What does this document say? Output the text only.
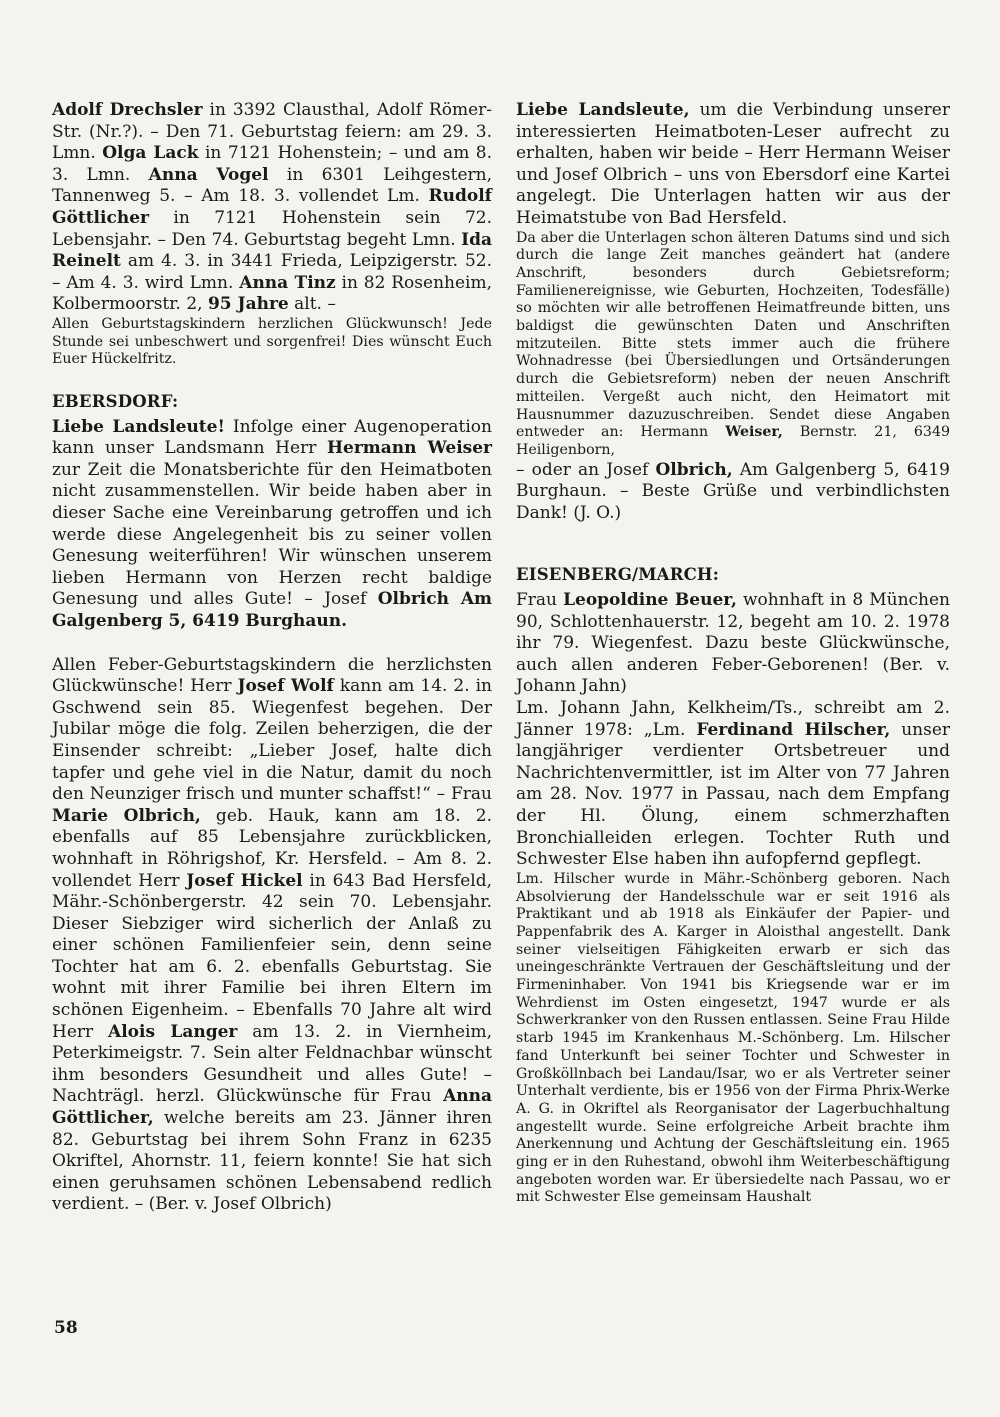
Adolf Drechsler in 3392 Clausthal, Adolf Römer-Str. (Nr.?). – Den 71. Geburtstag feiern: am 29. 3. Lmn. Olga Lack in 7121 Hohenstein; – und am 8. 3. Lmn. Anna Vogel in 6301 Leihgestern, Tannenweg 5. – Am 18. 3. vollendet Lm. Rudolf Göttlicher in 7121 Hohenstein sein 72. Lebensjahr. – Den 74. Geburtstag begeht Lmn. Ida Reinelt am 4. 3. in 3441 Frieda, Leipzigerstr. 52. – Am 4. 3. wird Lmn. Anna Tinz in 82 Rosenheim, Kolbermoorstr. 2, 95 Jahre alt. –

Allen Geburtstagskindern herzlichen Glückwunsch! Jede Stunde sei unbeschwert und sorgenfrei! Dies wünscht Euch Euer Hückelfritz.

EBERSDORF:

Liebe Landsleute! Infolge einer Augenoperation kann unser Landsmann Herr Hermann Weiser zur Zeit die Monatsberichte für den Heimatboten nicht zusammenstellen. Wir beide haben aber in dieser Sache eine Vereinbarung getroffen und ich werde diese Angelegenheit bis zu seiner vollen Genesung weiterführen! Wir wünschen unserem lieben Hermann von Herzen recht baldige Genesung und alles Gute! – Josef Olbrich Am Galgenberg 5, 6419 Burghaun.

Allen Feber-Geburtstagskindern die herzlichsten Glückwünsche! Herr Josef Wolf kann am 14. 2. in Gschwend sein 85. Wiegenfest begehen. Der Jubilar möge die folg. Zeilen beherzigen, die der Einsender schreibt: „Lieber Josef, halte dich tapfer und gehe viel in die Natur, damit du noch den Neunziger frisch und munter schaffst!“ – Frau Marie Olbrich, geb. Hauk, kann am 18. 2. ebenfalls auf 85 Lebensjahre zurückblicken, wohnhaft in Röhrigshof, Kr. Hersfeld. – Am 8. 2. vollendet Herr Josef Hickel in 643 Bad Hersfeld, Mähr.-Schönbergerstr. 42 sein 70. Lebensjahr. Dieser Siebziger wird sicherlich der Anlaß zu einer schönen Familienfeier sein, denn seine Tochter hat am 6. 2. ebenfalls Geburtstag. Sie wohnt mit ihrer Familie bei ihren Eltern im schönen Eigenheim. – Ebenfalls 70 Jahre alt wird Herr Alois Langer am 13. 2. in Viernheim, Peterkimeigstr. 7. Sein alter Feldnachbar wünscht ihm besonders Gesundheit und alles Gute! – Nachträgl. herzl. Glückwünsche für Frau Anna Göttlicher, welche bereits am 23. Jänner ihren 82. Geburtstag bei ihrem Sohn Franz in 6235 Okriftel, Ahornstr. 11, feiern konnte! Sie hat sich einen geruhsamen schönen Lebensabend redlich verdient. – (Ber. v. Josef Olbrich)

Liebe Landsleute, um die Verbindung unserer interessierten Heimatboten-Leser aufrecht zu erhalten, haben wir beide – Herr Hermann Weiser und Josef Olbrich – uns von Ebersdorf eine Kartei angelegt. Die Unterlagen hatten wir aus der Heimatstube von Bad Hersfeld.

Da aber die Unterlagen schon älteren Datums sind und sich durch die lange Zeit manches geändert hat (andere Anschrift, besonders durch Gebietsreform; Familienereignisse, wie Geburten, Hochzeiten, Todesfälle) so möchten wir alle betroffenen Heimatfreunde bitten, uns baldigst die gewünschten Daten und Anschriften mitzuteilen. Bitte stets immer auch die frühere Wohnadresse (bei Übersiedlungen und Ortsänderungen durch die Gebietsreform) neben der neuen Anschrift mitteilen. Vergeßt auch nicht, den Heimatort mit Hausnummer dazuzuschreiben. Sendet diese Angaben entweder an: Hermann Weiser, Bernstr. 21, 6349 Heiligenborn,

– oder an Josef Olbrich, Am Galgenberg 5, 6419 Burghaun. – Beste Grüße und verbindlichsten Dank! (J. O.)

EISENBERG/MARCH:

Frau Leopoldine Beuer, wohnhaft in 8 München 90, Schlottenhauerstr. 12, begeht am 10. 2. 1978 ihr 79. Wiegenfest. Dazu beste Glückwünsche, auch allen anderen Feber-Geborenen! (Ber. v. Johann Jahn)

Lm. Johann Jahn, Kelkheim/Ts., schreibt am 2. Jänner 1978: „Lm. Ferdinand Hilscher, unser langjähriger verdienter Ortsbetreuer und Nachrichtenvermittler, ist im Alter von 77 Jahren am 28. Nov. 1977 in Passau, nach dem Empfang der Hl. Ölung, einem schmerzhaften Bronchialleiden erlegen. Tochter Ruth und Schwester Else haben ihn aufopfernd gepflegt.

Lm. Hilscher wurde in Mähr.-Schönberg geboren. Nach Absolvierung der Handelsschule war er seit 1916 als Praktikant und ab 1918 als Einkäufer der Papier- und Pappenfabrik des A. Karger in Aloisthal angestellt. Dank seiner vielseitigen Fähigkeiten erwarb er sich das uneingeschränkte Vertrauen der Geschäftsleitung und der Firmeninhaber. Von 1941 bis Kriegsende war er im Wehrdienst im Osten eingesetzt, 1947 wurde er als Schwerkranker von den Russen entlassen. Seine Frau Hilde starb 1945 im Krankenhaus M.-Schönberg. Lm. Hilscher fand Unterkunft bei seiner Tochter und Schwester in Großköllnbach bei Landau/Isar, wo er als Vertreter seiner Unterhalt verdiente, bis er 1956 von der Firma Phrix-Werke A. G. in Okriftel als Reorganisator der Lagerbuchhaltung angestellt wurde. Seine erfolgreiche Arbeit brachte ihm Anerkennung und Achtung der Geschäftsleitung ein. 1965 ging er in den Ruhestand, obwohl ihm Weiterbeschäftigung angeboten worden war. Er übersiedelte nach Passau, wo er mit Schwester Else gemeinsam Haushalt

58
